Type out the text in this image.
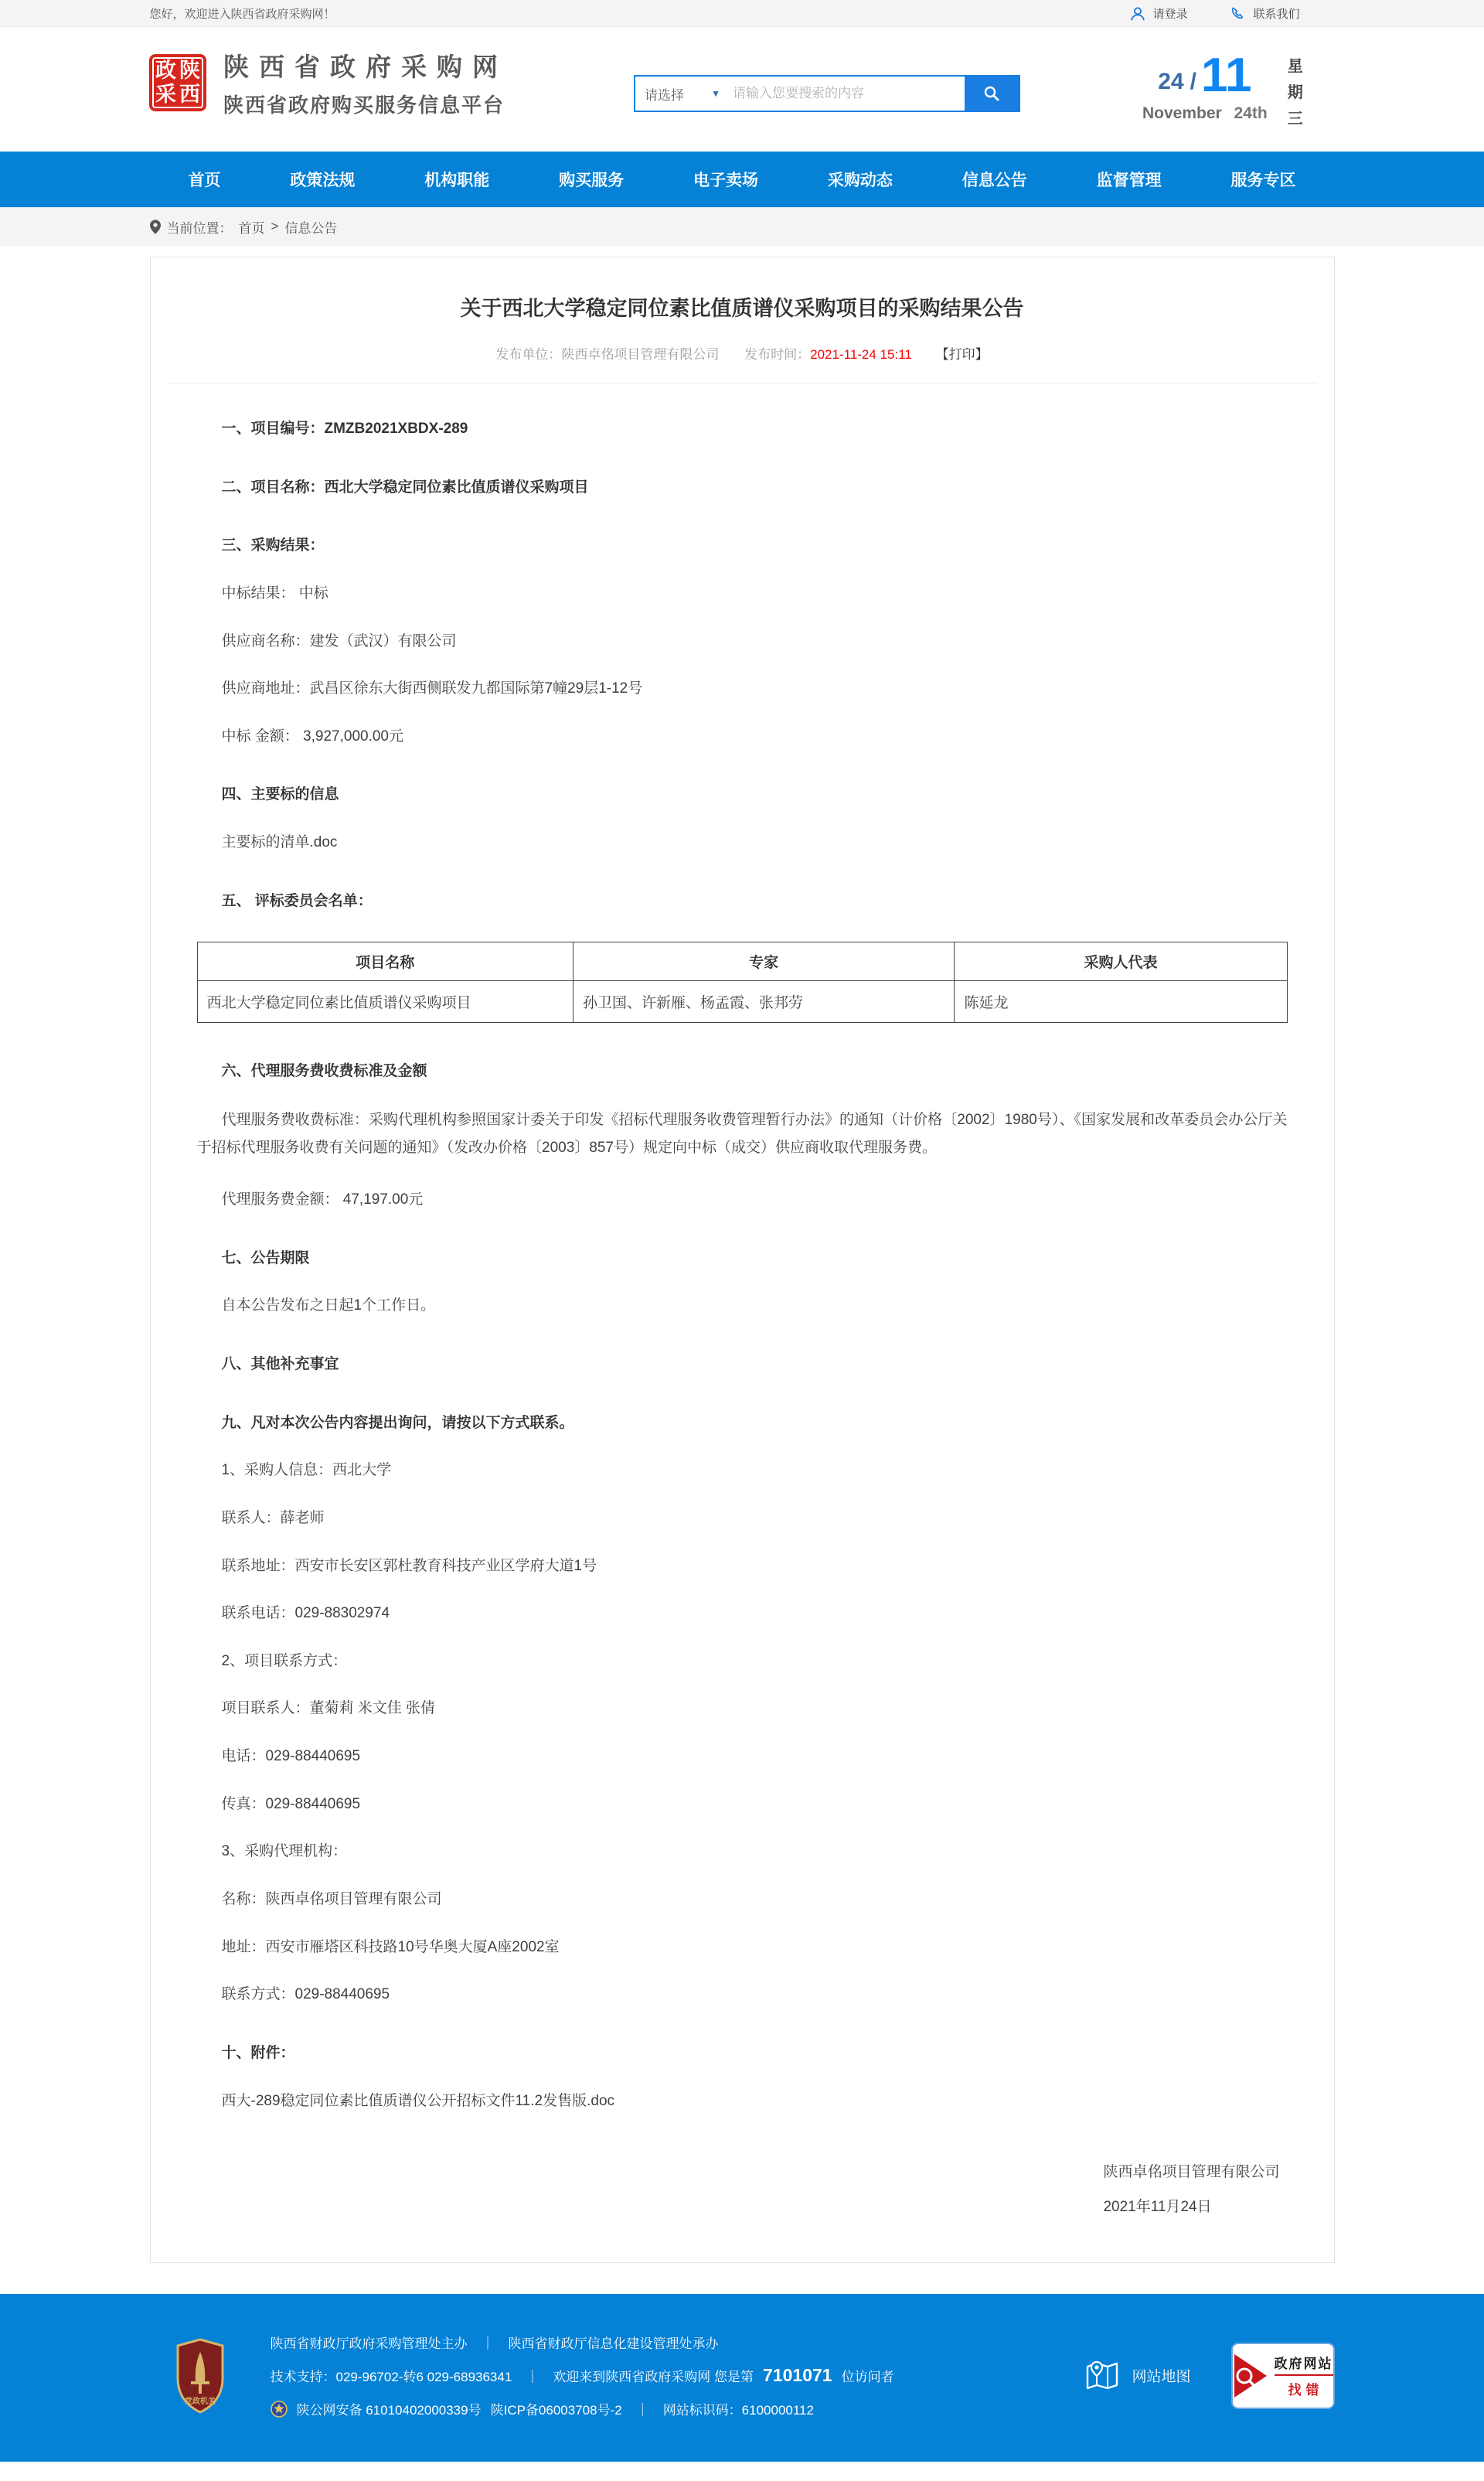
您好，欢迎进入陕西省政府采购网！	请登录	联系我们
政 陕
采 西
陕西省政府采购网
陕西省政府购买服务信息平台	请选择	▼
请输入您要搜索的内容	24 / 11
November 24th
星
期
三
首页	政策法规	机构职能	购买服务	电子卖场	采购动态	信息公告	监督管理	服务专区
当前位置： 首页 > 信息公告
关于西北大学稳定同位素比值质谱仪采购项目的采购结果公告
发布单位：陕西卓佲项目管理有限公司 发布时间：2021-11-24 15:11 【打印】
一、项目编号：ZMZB2021XBDX-289
二、项目名称：西北大学稳定同位素比值质谱仪采购项目
三、采购结果：
中标结果： 中标
供应商名称：建发（武汉）有限公司
供应商地址：武昌区徐东大街西侧联发九都国际第7幢29层1-12号
中标 金额： 3,927,000.00元
四、主要标的信息
主要标的清单.doc
五、 评标委员会名单：
项目名称	专家	采购人代表
西北大学稳定同位素比值质谱仪采购项目	孙卫国、许新雁、杨孟霞、张邦劳	陈延龙
六、代理服务费收费标准及金额
代理服务费收费标准：采购代理机构参照国家计委关于印发《招标代理服务收费管理暂行办法》的通知（计价格〔2002〕1980号）、《国家发展和改革委员会办公厅关于招标代理服务收费有关问题的通知》（发改办价格〔2003〕857号）规定向中标（成交）供应商收取代理服务费。
代理服务费金额： 47,197.00元
七、公告期限
自本公告发布之日起1个工作日。
八、其他补充事宜
九、凡对本次公告内容提出询问，请按以下方式联系。
1、采购人信息：西北大学
联系人：薛老师
联系地址：西安市长安区郭杜教育科技产业区学府大道1号
联系电话：029-88302974
2、项目联系方式：
项目联系人：董菊莉 米文佳 张倩
电话：029-88440695
传真：029-88440695
3、采购代理机构：
名称：陕西卓佲项目管理有限公司
地址：西安市雁塔区科技路10号华奥大厦A座2002室
联系方式：029-88440695
十、附件：
西大-289稳定同位素比值质谱仪公开招标文件11.2发售版.doc
陕西卓佲项目管理有限公司
2021年11月24日
党政机关
陕西省财政厅政府采购管理处主办 ｜ 陕西省财政厅信息化建设管理处承办
技术支持：029-96702-转6 029-68936341 ｜ 欢迎来到陕西省政府采购网 您是第 7101071 位访问者
陕公网安备 61010402000339号 陕ICP备06003708号-2 ｜ 网站标识码：6100000112
网站地图
政府网站
找错
